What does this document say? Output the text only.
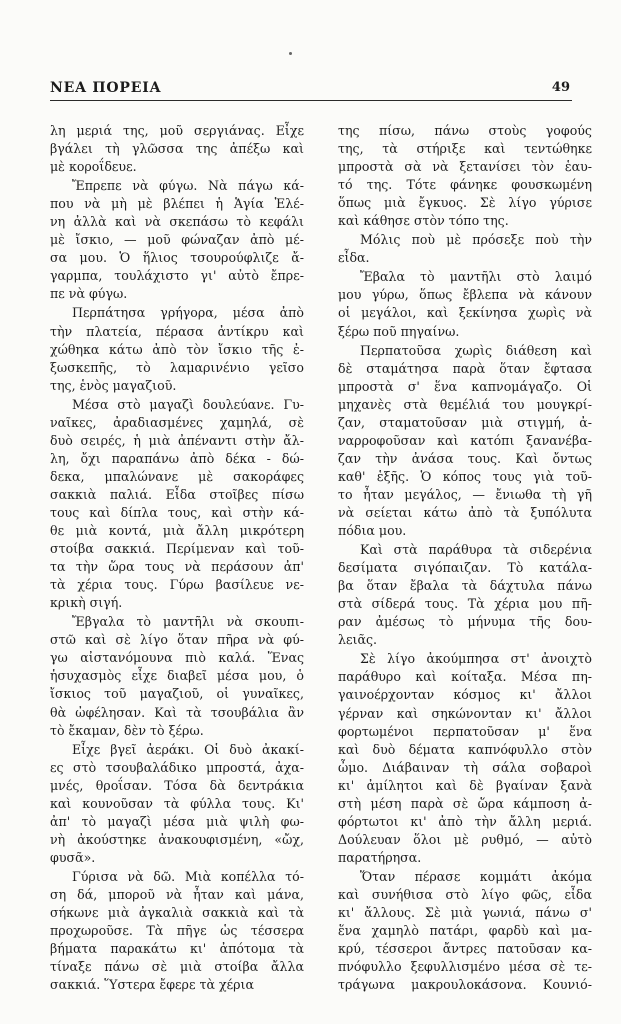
ΝΕΑ ΠΟΡΕΙΑ	49
λη μεριά της, μοῦ σεργιάνας. Εἶχε
βγάλει τὴ γλῶσσα της ἀπέξω καὶ
μὲ κοροΐδευε.
Ἔπρεπε νὰ φύγω. Νὰ πάγω κά-
που νὰ μὴ μὲ βλέπει ἡ Ἁγία Ἑλέ-
νη ἀλλὰ καὶ νὰ σκεπάσω τὸ κεφάλι
μὲ ἴσκιο, — μοῦ φώναζαν ἀπὸ μέ-
σα μου. Ὁ ἥλιος τσουρούφλιζε ἄ-
γαρμπα, τουλάχιστο γι' αὐτὸ ἔπρε-
πε νὰ φύγω.
Περπάτησα γρήγορα, μέσα ἀπὸ
τὴν πλατεία, πέρασα ἀντίκρυ καὶ
χώθηκα κάτω ἀπὸ τὸν ἴσκιο τῆς ἐ-
ξωσκεπῆς, τὸ λαμαρινένιο γεῖσο
της, ἑνὸς μαγαζιοῦ.
Μέσα στὸ μαγαζὶ δουλεύανε. Γυ-
ναῖκες, ἀραδιασμένες χαμηλά, σὲ
δυὸ σειρές, ἡ μιὰ ἀπέναντι στὴν ἄλ-
λη, ὄχι παραπάνω ἀπὸ δέκα - δώ-
δεκα, μπαλώνανε μὲ σακοράφες
σακκιὰ παλιά. Εἶδα στοῖβες πίσω
τους καὶ δίπλα τους, καὶ στὴν κά-
θε μιὰ κοντά, μιὰ ἄλλη μικρότερη
στοίβα σακκιά. Περίμεναν καὶ τοῦ-
τα τὴν ὥρα τους νὰ περάσουν ἀπ'
τὰ χέρια τους. Γύρω βασίλευε νε-
κρικὴ σιγή.
Ἔβγαλα τὸ μαντῆλι νὰ σκουπι-
στῶ καὶ σὲ λίγο ὅταν πῆρα νὰ φύ-
γω αἰστανόμουνα πιὸ καλά. Ἕνας
ἡσυχασμὸς εἶχε διαβεῖ μέσα μου, ὁ
ἴσκιος τοῦ μαγαζιοῦ, οἱ γυναῖκες,
θὰ ὠφέλησαν. Καὶ τὰ τσουβάλια ἂν
τὸ ἔκαμαν, δὲν τὸ ξέρω.
Εἶχε βγεῖ ἀεράκι. Οἱ δυὸ ἀκακί-
ες στὸ τσουβαλάδικο μπροστά, ἀχα-
μνές, θροΐσαν. Τόσα δὰ δεντράκια
καὶ κουνοῦσαν τὰ φύλλα τους. Κι'
ἀπ' τὸ μαγαζὶ μέσα μιὰ ψιλὴ φω-
νὴ ἀκούστηκε ἀνακουφισμένη, «ὤχ,
φυσᾶ».
Γύρισα νὰ δῶ. Μιὰ κοπέλλα τό-
ση δά, μποροῦ νὰ ἦταν καὶ μάνα,
σήκωνε μιὰ ἀγκαλιὰ σακκιὰ καὶ τὰ
προχωροῦσε. Τὰ πῆγε ὡς τέσσερα
βήματα παρακάτω κι' ἀπότομα τὰ
τίναξε πάνω σὲ μιὰ στοίβα ἄλλα
σακκιά. Ὕστερα ἔφερε τὰ χέρια
της πίσω, πάνω στοὺς γοφούς
της, τὰ στήριξε καὶ τεντώθηκε
μπροστὰ σὰ νὰ ξετανίσει τὸν ἑαυ-
τό της. Τότε φάνηκε φουσκωμένη
ὅπως μιὰ ἔγκυος. Σὲ λίγο γύρισε
καὶ κάθησε στὸν τόπο της.
Μόλις ποὺ μὲ πρόσεξε ποὺ τὴν
εἶδα.
Ἔβαλα τὸ μαντῆλι στὸ λαιμό
μου γύρω, ὅπως ἔβλεπα νὰ κάνουν
οἱ μεγάλοι, καὶ ξεκίνησα χωρὶς νὰ
ξέρω ποῦ πηγαίνω.
Περπατοῦσα χωρὶς διάθεση καὶ
δὲ σταμάτησα παρὰ ὅταν ἔφτασα
μπροστὰ σ' ἕνα καπνομάγαζο. Οἱ
μηχανὲς στὰ θεμέλιά του μουγκρί-
ζαν, σταματοῦσαν μιὰ στιγμή, ἀ-
ναρροφοῦσαν καὶ κατόπι ξανανέβα-
ζαν τὴν ἀνάσα τους. Καὶ ὄντως
καθ' ἑξῆς. Ὁ κόπος τους γιὰ τοῦ-
το ἦταν μεγάλος, — ἔνιωθα τὴ γῆ
νὰ σείεται κάτω ἀπὸ τὰ ξυπόλυτα
πόδια μου.
Καὶ στὰ παράθυρα τὰ σιδερένια
δεσίματα σιγόπαιζαν. Τὸ κατάλα-
βα ὅταν ἔβαλα τὰ δάχτυλα πάνω
στὰ σίδερά τους. Τὰ χέρια μου πῆ-
ραν ἀμέσως τὸ μήνυμα τῆς δου-
λειᾶς.
Σὲ λίγο ἀκούμπησα στ' ἀνοιχτὸ
παράθυρο καὶ κοίταξα. Μέσα πη-
γαινοέρχονταν κόσμος κι' ἄλλοι
γέρναν καὶ σηκώνονταν κι' ἄλλοι
φορτωμένοι περπατοῦσαν μ' ἕνα
καὶ δυὸ δέματα καπνόφυλλο στὸν
ὦμο. Διάβαιναν τὴ σάλα σοβαροὶ
κι' ἀμίλητοι καὶ δὲ βγαίναν ξανὰ
στὴ μέση παρὰ σὲ ὥρα κάμποση ἀ-
φόρτωτοι κι' ἀπὸ τὴν ἄλλη μεριά.
Δούλευαν ὅλοι μὲ ρυθμό, — αὐτὸ
παρατήρησα.
Ὅταν πέρασε κομμάτι ἀκόμα
καὶ συνήθισα στὸ λίγο φῶς, εἶδα
κι' ἄλλους. Σὲ μιὰ γωνιά, πάνω σ'
ἕνα χαμηλὸ πατάρι, φαρδὺ καὶ μα-
κρύ, τέσσεροι ἄντρες πατοῦσαν κα-
πνόφυλλο ξεφυλλισμένο μέσα σὲ τε-
τράγωνα μακρουλοκάσονα. Κουνιό-
